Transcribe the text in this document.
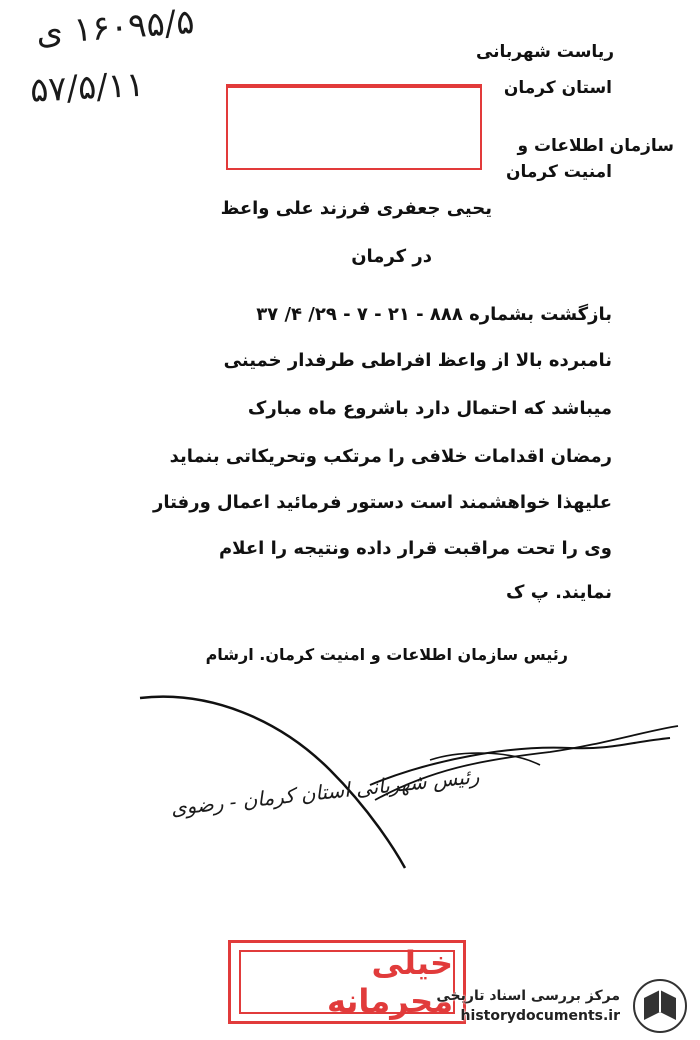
۱۶۰۹۵/۵ ی
۵۷/۵/۱۱
ریاست شهربانی
استان کرمان
سازمان اطلاعات و
امنیت کرمان
یحیی جعفری فرزند علی واعظ
در کرمان
بازگشت بشماره ۸۸۸ - ۲۱ - ۷ - ۲۹/ ۴/ ۳۷
نامبرده بالا از واعظ افراطی طرفدار خمینی
میباشد که احتمال دارد باشروع ماه مبارک
رمضان اقدامات خلافی را مرتکب وتحریکاتی بنماید
علیهذا خواهشمند است دستور فرمائید اعمال ورفتار
وی را تحت مراقبت قرار داده ونتیجه را اعلام
نمایند. پ ک
رئیس سازمان اطلاعات و امنیت کرمان. ارشام
رئیس شهربانی استان کرمان - رضوی
خیلی محرمانه
مرکز بررسی اسناد تاریخی
historydocuments.ir
